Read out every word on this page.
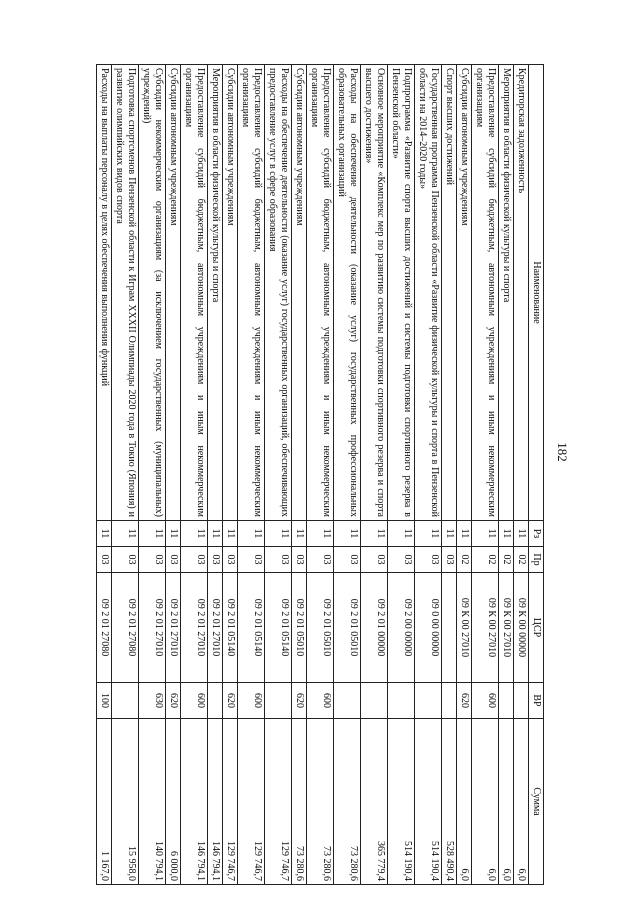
182
Наименование	Рз	Пр	ЦСР	ВР	Сумма
Кредиторская задолженность	11	02	09 К 00 00000		6,0
Мероприятия в области физической культуры и спорта	11	02	09 К 00 27010		6,0
Предоставление субсидий бюджетным, автономным учреждениям и иным некоммерческим организациям	11	02	09 К 00 27010	600	6,0
Субсидии автономным учреждениям	11	02	09 К 00 27010	620	6,0
Спорт высших достижений	11	03			528 490,4
Государственная программа Пензенской области «Развитие физической культуры и спорта в Пензенской области на 2014–2020 годы»	11	03	09 0 00 00000		514 190,4
Подпрограмма «Развитие спорта высших достижений и системы подготовки спортивного резерва в Пензенской области»	11	03	09 2 00 00000		514 190,4
Основное мероприятие «Комплекс мер по развитию системы подготовки спортивного резерва и спорта высшего достижения»	11	03	09 2 01 00000		365 779,4
Расходы на обеспечение деятельности (оказание услуг) государственных профессиональных образовательных организаций	11	03	09 2 01 05010		73 280,6
Предоставление субсидий бюджетным, автономным учреждениям и иным некоммерческим организациям	11	03	09 2 01 05010	600	73 280,6
Субсидии автономным учреждениям	11	03	09 2 01 05010	620	73 280,6
Расходы на обеспечение деятельности (оказание услуг) государственных организаций, обеспечивающих предоставление услуг в сфере образования	11	03	09 2 01 05140		129 746,7
Предоставление субсидий бюджетным, автономным учреждениям и иным некоммерческим организациям	11	03	09 2 01 05140	600	129 746,7
Субсидии автономным учреждениям	11	03	09 2 01 05140	620	129 746,7
Мероприятия в области физической культуры и спорта	11	03	09 2 01 27010		146 794,1
Предоставление субсидий бюджетным, автономным учреждениям и иным некоммерческим организациям	11	03	09 2 01 27010	600	146 794,1
Субсидии автономным учреждениям	11	03	09 2 01 27010	620	6 000,0
Субсидии некоммерческим организациям (за исключением государственных (муниципальных) учреждений)	11	03	09 2 01 27010	630	140 794,1
Подготовка спортсменов Пензенской области к Играм XXXII Олимпиады 2020 года в Токио (Япония) и развитие олимпийских видов спорта	11	03	09 2 01 27080		15 958,0
Расходы на выплаты персоналу в целях обеспечения выполнения функций	11	03	09 2 01 27080	100	1 167,0
